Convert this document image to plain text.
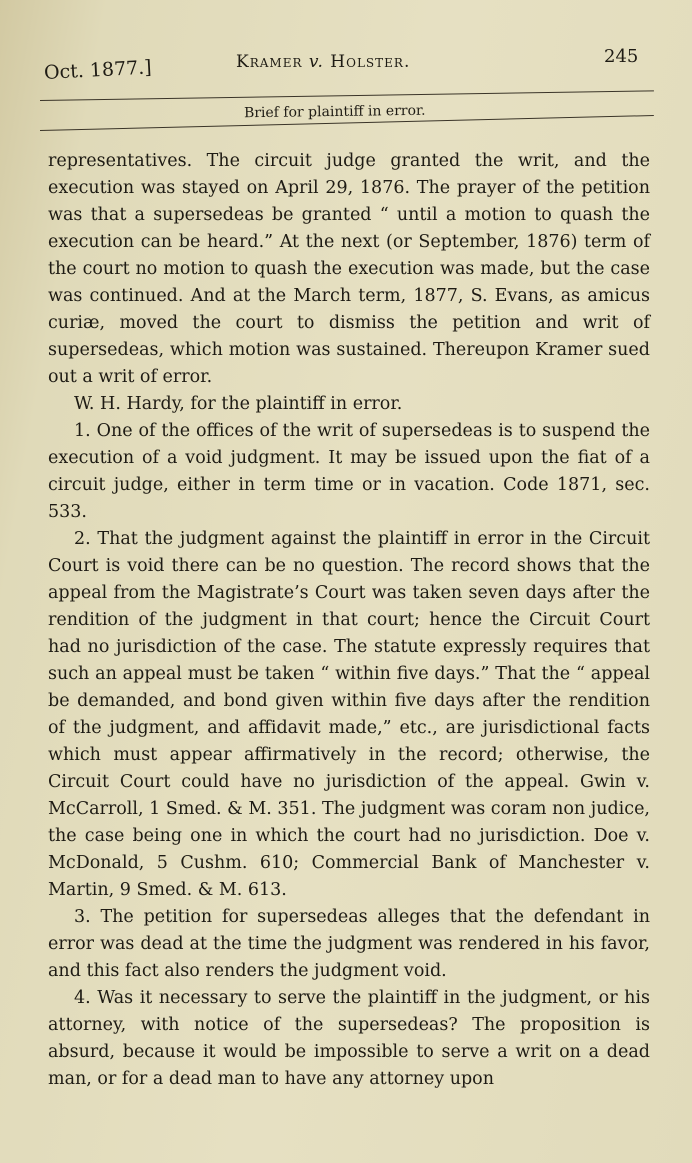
Oct. 1877.]	Kramer v. Holster.	245
Brief for plaintiff in error.

representatives. The circuit judge granted the writ, and the execution was stayed on April 29, 1876. The prayer of the petition was that a supersedeas be granted “ until a motion to quash the execution can be heard.” At the next (or September, 1876) term of the court no motion to quash the execution was made, but the case was continued. And at the March term, 1877, S. Evans, as amicus curiæ, moved the court to dismiss the petition and writ of supersedeas, which motion was sustained. Thereupon Kramer sued out a writ of error.

W. H. Hardy, for the plaintiff in error.

1. One of the offices of the writ of supersedeas is to suspend the execution of a void judgment. It may be issued upon the fiat of a circuit judge, either in term time or in vacation. Code 1871, sec. 533.

2. That the judgment against the plaintiff in error in the Circuit Court is void there can be no question. The record shows that the appeal from the Magistrate’s Court was taken seven days after the rendition of the judgment in that court; hence the Circuit Court had no jurisdiction of the case. The statute expressly requires that such an appeal must be taken “ within five days.” That the “ appeal be demanded, and bond given within five days after the rendition of the judgment, and affidavit made,” etc., are jurisdictional facts which must appear affirmatively in the record; otherwise, the Circuit Court could have no jurisdiction of the appeal. Gwin v. McCarroll, 1 Smed. & M. 351. The judgment was coram non judice, the case being one in which the court had no jurisdiction. Doe v. McDonald, 5 Cushm. 610; Commercial Bank of Manchester v. Martin, 9 Smed. & M. 613.

3. The petition for supersedeas alleges that the defendant in error was dead at the time the judgment was rendered in his favor, and this fact also renders the judgment void.

4. Was it necessary to serve the plaintiff in the judgment, or his attorney, with notice of the supersedeas? The proposition is absurd, because it would be impossible to serve a writ on a dead man, or for a dead man to have any attorney upon
